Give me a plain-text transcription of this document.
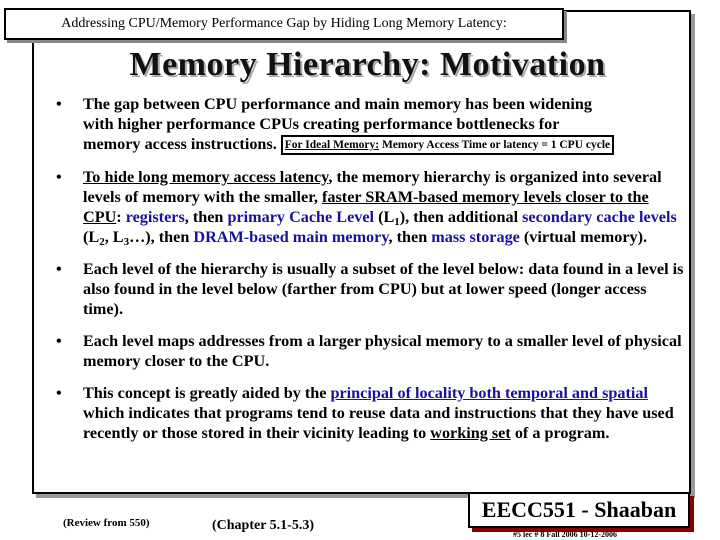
Addressing CPU/Memory Performance Gap by Hiding Long Memory Latency:
Memory Hierarchy: Motivation
• The gap between CPU performance and main memory has been widening
with higher performance CPUs creating performance bottlenecks for
memory access instructions. For Ideal Memory: Memory Access Time or latency = 1 CPU cycle
• To hide long memory access latency, the memory hierarchy is organized into several levels of memory with the smaller, faster SRAM-based memory levels closer to the CPU: registers, then primary Cache Level $(L_1)$, then additional secondary cache levels ($L_2$, $L_3\dots$), then DRAM-based main memory, then mass storage (virtual memory).
• Each level of the hierarchy is usually a subset of the level below: data found in a level is also found in the level below (farther from CPU) but at lower speed (longer access time).
• Each level maps addresses from a larger physical memory to a smaller level of physical memory closer to the CPU.
• This concept is greatly aided by the principal of locality both temporal and spatial which indicates that programs tend to reuse data and instructions that they have used recently or those stored in their vicinity leading to working set of a program.
EECC551 - Shaaban
(Review from 550)	(Chapter 5.1-5.3)
#5 lec # 8 Fall 2006 10-12-2006
